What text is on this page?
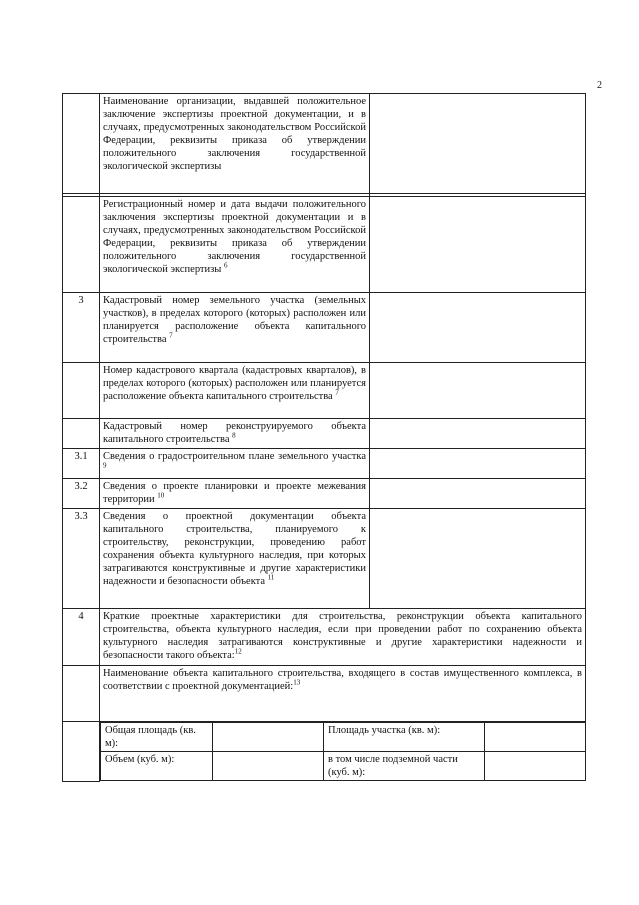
2
	Наименование организации, выдавшей положительное заключение экспертизы проектной документации, и в случаях, предусмотренных законодательством Российской Федерации, реквизиты приказа об утверждении положительного заключения государственной экологической экспертизы	

	Регистрационный номер и дата выдачи положительного заключения экспертизы проектной документации и в случаях, предусмотренных законодательством Российской Федерации, реквизиты приказа об утверждении положительного заключения государственной экологической экспертизы $^6$	
3	Кадастровый номер земельного участка (земельных участков), в пределах которого (которых) расположен или планируется расположение объекта капитального строительства $^7$	
	Номер кадастрового квартала (кадастровых кварталов), в пределах которого (которых) расположен или планируется расположение объекта капитального строительства $^7$	
	Кадастровый номер реконструируемого объекта капитального строительства $^8$	
3.1	Сведения о градостроительном плане земельного участка $^9$	
3.2	Сведения о проекте планировки и проекте межевания территории $^{10}$	
3.3	Сведения о проектной документации объекта капитального строительства, планируемого к строительству, реконструкции, проведению работ сохранения объекта культурного наследия, при которых затрагиваются конструктивные и другие характеристики надежности и безопасности объекта $^{11}$	
4	Краткие проектные характеристики для строительства, реконструкции объекта капитального строительства, объекта культурного наследия, если при проведении работ по сохранению объекта культурного наследия затрагиваются конструктивные и другие характеристики надежности и безопасности такого объекта:$^{12}$
	Наименование объекта капитального строительства, входящего в состав имущественного комплекса, в соответствии с проектной документацией:$^{13}$

Общая площадь (кв. м):		Площадь участка (кв. м):	
Объем (куб. м):		в том числе подземной части (куб. м):	
